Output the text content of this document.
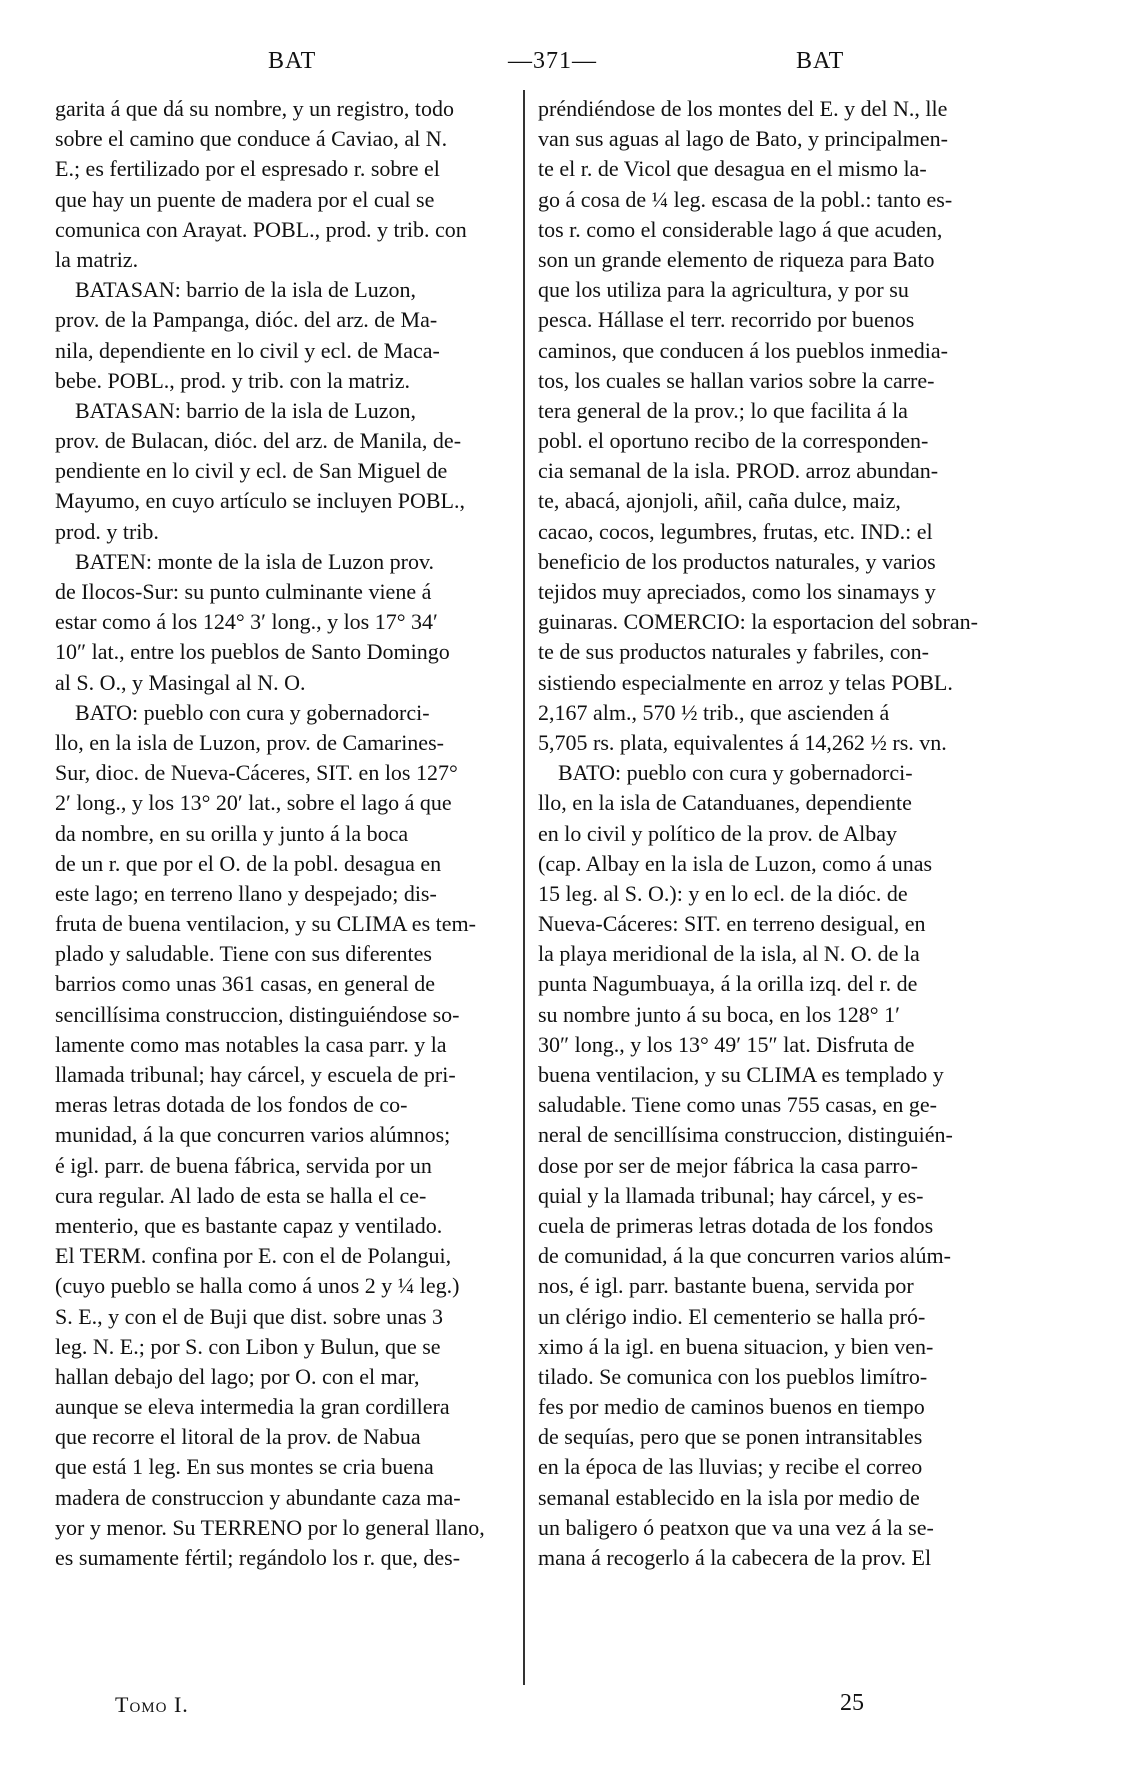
BAT	—371—	BAT
garita á que dá su nombre, y un registro, todo
sobre el camino que conduce á Caviao, al N.
E.; es fertilizado por el espresado r. sobre el
que hay un puente de madera por el cual se
comunica con Arayat. POBL., prod. y trib. con
la matriz.
BATASAN: barrio de la isla de Luzon,
prov. de la Pampanga, dióc. del arz. de Ma-
nila, dependiente en lo civil y ecl. de Maca-
bebe. POBL., prod. y trib. con la matriz.
BATASAN: barrio de la isla de Luzon,
prov. de Bulacan, dióc. del arz. de Manila, de-
pendiente en lo civil y ecl. de San Miguel de
Mayumo, en cuyo artículo se incluyen POBL.,
prod. y trib.
BATEN: monte de la isla de Luzon prov.
de Ilocos-Sur: su punto culminante viene á
estar como á los 124° 3′ long., y los 17° 34′
10″ lat., entre los pueblos de Santo Domingo
al S. O., y Masingal al N. O.
BATO: pueblo con cura y gobernadorci-
llo, en la isla de Luzon, prov. de Camarines-
Sur, dioc. de Nueva-Cáceres, SIT. en los 127°
2′ long., y los 13° 20′ lat., sobre el lago á que
da nombre, en su orilla y junto á la boca
de un r. que por el O. de la pobl. desagua en
este lago; en terreno llano y despejado; dis-
fruta de buena ventilacion, y su CLIMA es tem-
plado y saludable. Tiene con sus diferentes
barrios como unas 361 casas, en general de
sencillísima construccion, distinguiéndose so-
lamente como mas notables la casa parr. y la
llamada tribunal; hay cárcel, y escuela de pri-
meras letras dotada de los fondos de co-
munidad, á la que concurren varios alúmnos;
é igl. parr. de buena fábrica, servida por un
cura regular. Al lado de esta se halla el ce-
menterio, que es bastante capaz y ventilado.
El TERM. confina por E. con el de Polangui,
(cuyo pueblo se halla como á unos 2 y ¼ leg.)
S. E., y con el de Buji que dist. sobre unas 3
leg. N. E.; por S. con Libon y Bulun, que se
hallan debajo del lago; por O. con el mar,
aunque se eleva intermedia la gran cordillera
que recorre el litoral de la prov. de Nabua
que está 1 leg. En sus montes se cria buena
madera de construccion y abundante caza ma-
yor y menor. Su TERRENO por lo general llano,
es sumamente fértil; regándolo los r. que, des-
préndiéndose de los montes del E. y del N., lle
van sus aguas al lago de Bato, y principalmen-
te el r. de Vicol que desagua en el mismo la-
go á cosa de ¼ leg. escasa de la pobl.: tanto es-
tos r. como el considerable lago á que acuden,
son un grande elemento de riqueza para Bato
que los utiliza para la agricultura, y por su
pesca. Hállase el terr. recorrido por buenos
caminos, que conducen á los pueblos inmedia-
tos, los cuales se hallan varios sobre la carre-
tera general de la prov.; lo que facilita á la
pobl. el oportuno recibo de la corresponden-
cia semanal de la isla. PROD. arroz abundan-
te, abacá, ajonjoli, añil, caña dulce, maiz,
cacao, cocos, legumbres, frutas, etc. IND.: el
beneficio de los productos naturales, y varios
tejidos muy apreciados, como los sinamays y
guinaras. COMERCIO: la esportacion del sobran-
te de sus productos naturales y fabriles, con-
sistiendo especialmente en arroz y telas POBL.
2,167 alm., 570 ½ trib., que ascienden á
5,705 rs. plata, equivalentes á 14,262 ½ rs. vn.
BATO: pueblo con cura y gobernadorci-
llo, en la isla de Catanduanes, dependiente
en lo civil y político de la prov. de Albay
(cap. Albay en la isla de Luzon, como á unas
15 leg. al S. O.): y en lo ecl. de la dióc. de
Nueva-Cáceres: SIT. en terreno desigual, en
la playa meridional de la isla, al N. O. de la
punta Nagumbuaya, á la orilla izq. del r. de
su nombre junto á su boca, en los 128° 1′
30″ long., y los 13° 49′ 15″ lat. Disfruta de
buena ventilacion, y su CLIMA es templado y
saludable. Tiene como unas 755 casas, en ge-
neral de sencillísima construccion, distinguién-
dose por ser de mejor fábrica la casa parro-
quial y la llamada tribunal; hay cárcel, y es-
cuela de primeras letras dotada de los fondos
de comunidad, á la que concurren varios alúm-
nos, é igl. parr. bastante buena, servida por
un clérigo indio. El cementerio se halla pró-
ximo á la igl. en buena situacion, y bien ven-
tilado. Se comunica con los pueblos limítro-
fes por medio de caminos buenos en tiempo
de sequías, pero que se ponen intransitables
en la época de las lluvias; y recibe el correo
semanal establecido en la isla por medio de
un baligero ó peatxon que va una vez á la se-
mana á recogerlo á la cabecera de la prov. El
Tomo I.	25
